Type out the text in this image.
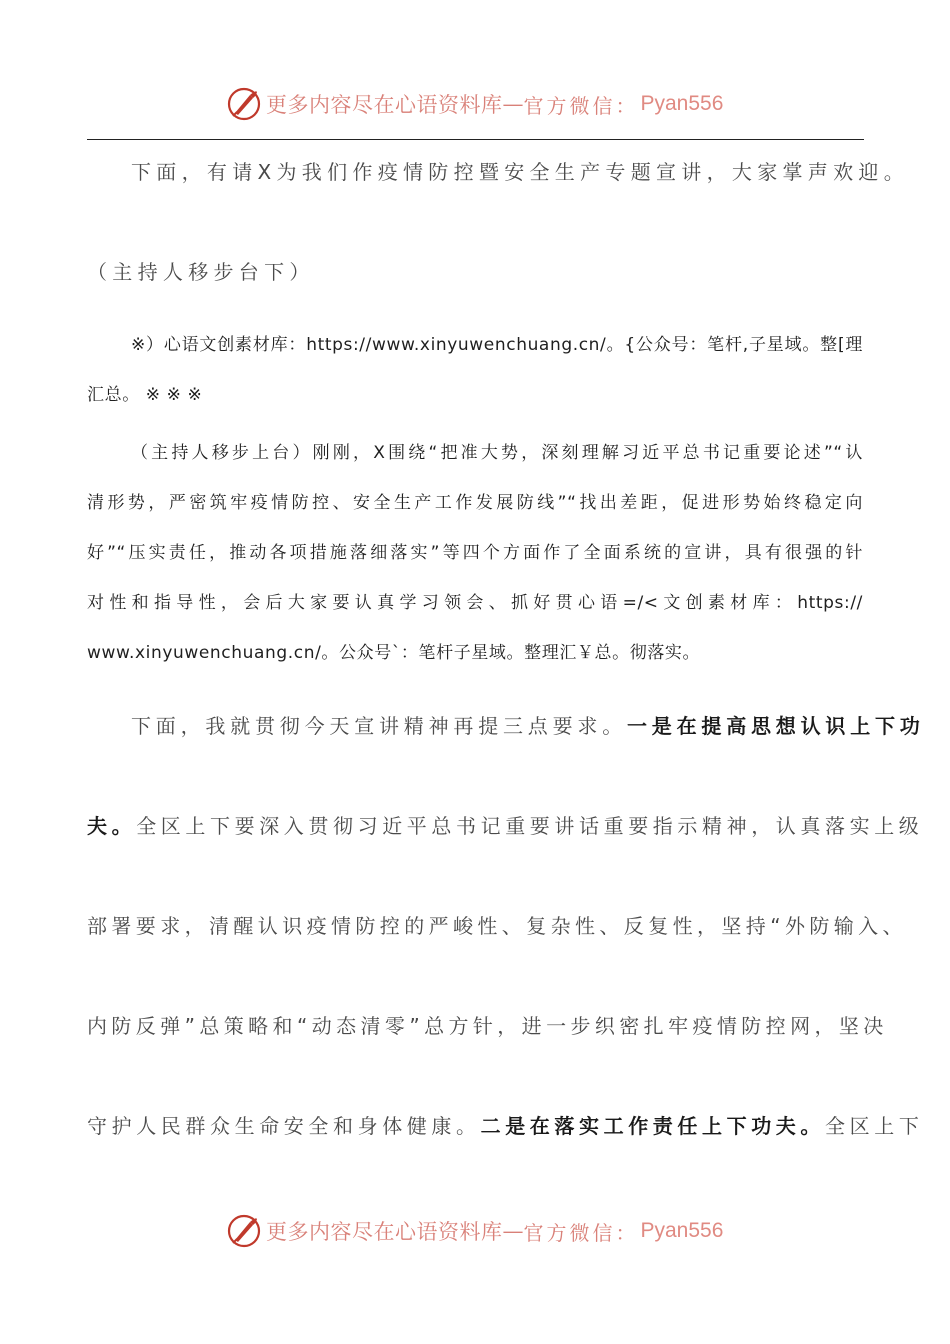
更多内容尽在心语资料库 — 官方微信： Pyan556

下面，有请X为我们作疫情防控暨安全生产专题宣讲，大家掌声欢迎。

（主持人移步台下）

※）心语文创素材库：https://www.xinyuwenchuang.cn/。{公众号：笔杆,子星域。整[理
汇总。 ※ ※ ※
（主持人移步上台）刚刚，X围绕“把准大势，深刻理解习近平总书记重要论述”“认
清形势，严密筑牢疫情防控、安全生产工作发展防线”“找出差距，促进形势始终稳定向
好”“压实责任，推动各项措施落细落实”等四个方面作了全面系统的宣讲，具有很强的针
对性和指导性，会后大家要认真学习领会、抓好贯心语=/<文创素材库：https://
www.xinyuwenchuang.cn/。公众号`：笔杆子星域。整理汇￥总。彻落实。
下面，我就贯彻今天宣讲精神再提三点要求。一是在提高思想认识上下功
夫。全区上下要深入贯彻习近平总书记重要讲话重要指示精神，认真落实上级
部署要求，清醒认识疫情防控的严峻性、复杂性、反复性，坚持“外防输入、
内防反弹”总策略和“动态清零”总方针，进一步织密扎牢疫情防控网，坚决
守护人民群众生命安全和身体健康。二是在落实工作责任上下功夫。全区上下
更多内容尽在心语资料库 — 官方微信： Pyan556
